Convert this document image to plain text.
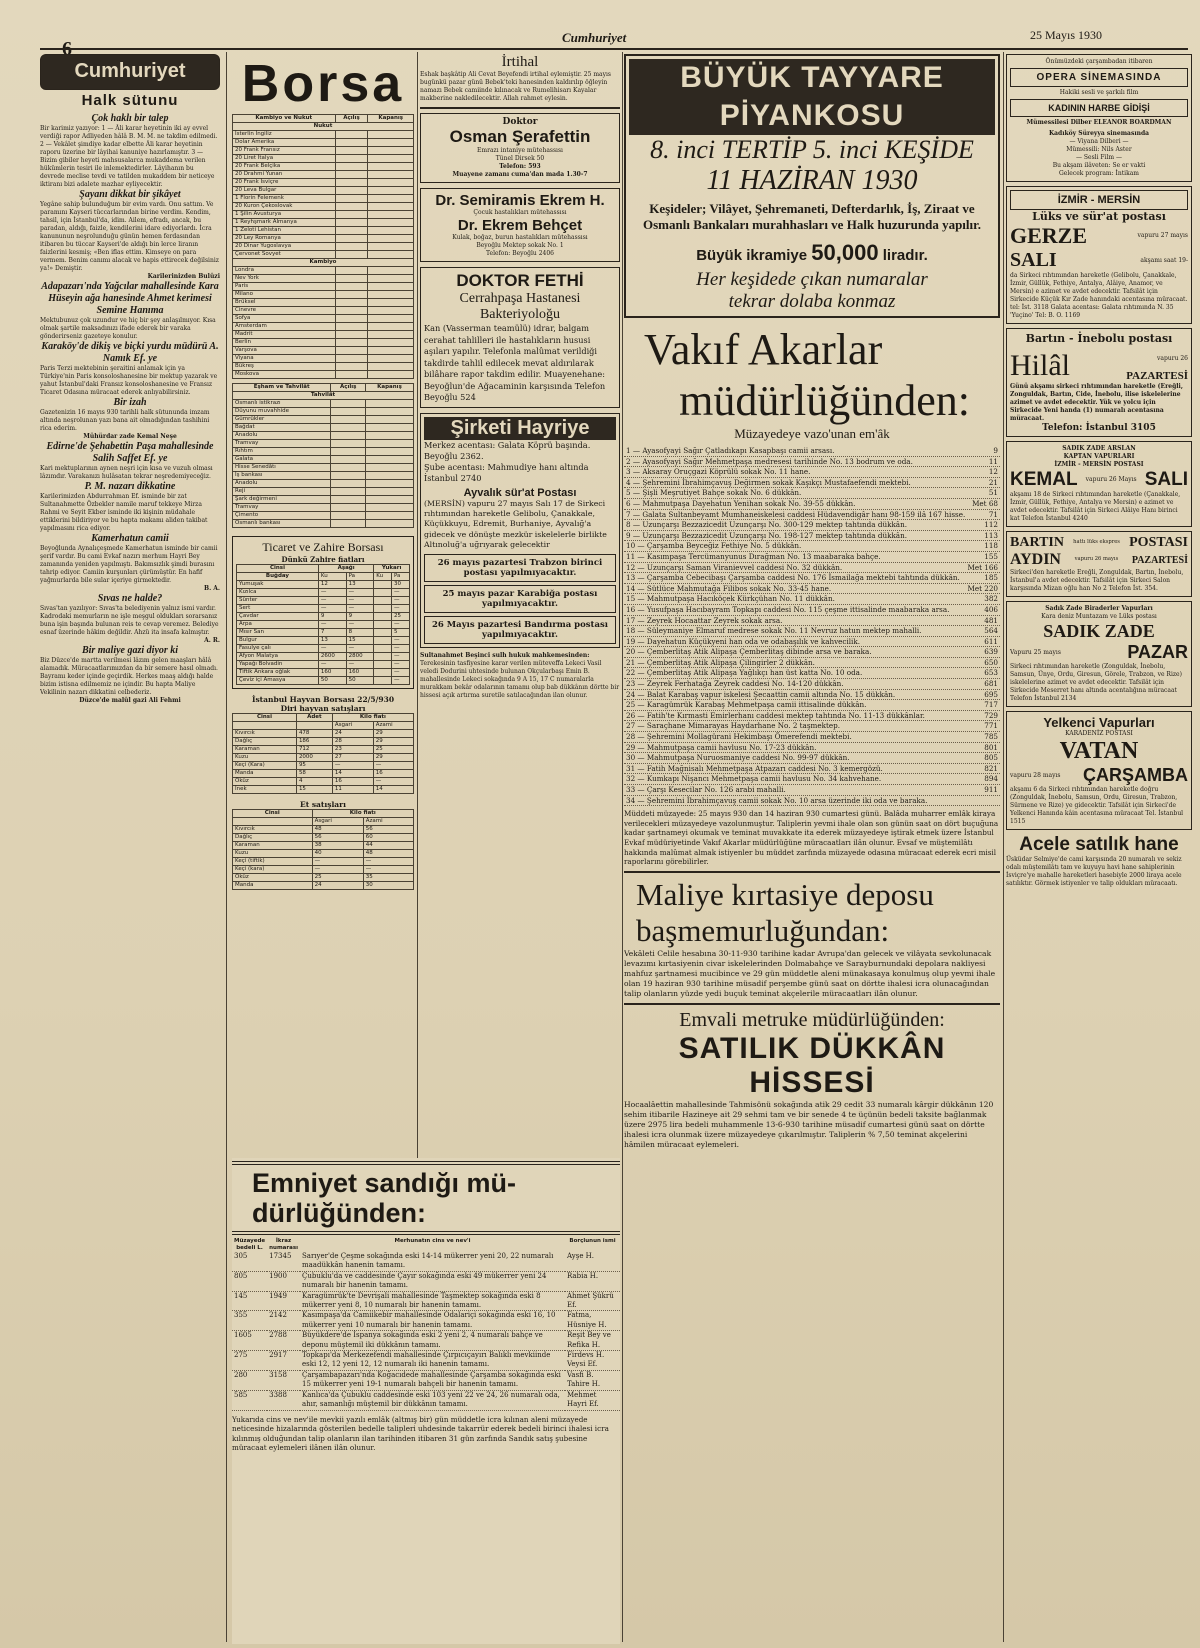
Cumhuriyet	25 Mayıs 1930
Cumhuriyet
Halk sütunu
Çok haklı bir talep

Bir karimiz yazıyor: 1 — Âli karar heyetinin iki ay evvel verdiği rapor Adliyeden hâlâ B. M. M. ne takdim edilmedi. 2 — Vekâlet şimdiye kadar elbette Âli karar heyetinin raporu üzerine bir lâyihai kanuniye hazırlamıştır. 3 — Bizim gibiler heyeti mahsusalarca mukaddema verilen hükümlerin tesiri ile inlemektedirler. Lâyihanın bu devrede meclise tevdi ve tatilden mukaddem bir neticeye iktiranı bizi adalete mazhar eyliyecektir.

Şayanı dikkat bir şikâyet

Yegâne sahip bulunduğum bir evim vardı. Onu sattım. Ve paramını Kayseri tüccarlarından birine verdim. Kendim, tahsil, için İstanbul'da, idim. Ailem, efradı, ancak, bu paradan, aldığı, faizle, kendilerini idare ediyorlardı. İcra kanununun neşrolunduğu günün hemen ferdasından itibaren bu tüccar Kayseri'de aldığı bin lerce liranın faizlerini kesmiş; «Ben iflas ettim. Kimseye on para vermem. Benim canımı alacak ve hapis ettirecek değilsiniz ya!» Demiştir.

Karilerinizden Bulûzi

Adapazarı'nda Yağcılar mahallesinde Kara Hüseyin ağa hanesinde Ahmet kerimesi Semine Hanıma

Mektubunuz çok uzundur ve hiç bir şey anlaşılmıyor. Kısa olmak şartile maksadınızı ifade ederek bir varaka gönderirseniz gazeteye konulur.

Karaköy'de dikiş ve biçki yurdu müdürü A. Namık Ef. ye

Paris Terzi mektebinin şeraitini anlamak için ya Türkiye'nin Paris konsoloshanesine bir mektup yazarak ve yahut İstanbul'daki Fransız konsoloshanesine ve Fransız Ticaret Odasına müracaat ederek anlıyabilirsiniz.

Bir izah

Gazetenizin 16 mayıs 930 tarihli halk sütununda imzam altında neşrolunan yazı bana ait olmadığından tashihini rica ederim.

Mühürdar zade Kemal Neşe

Edirne'de Şehabettin Paşa mahallesinde Salih Saffet Ef. ye

Kari mektuplarının aynen neşri için kısa ve vuzuh olması lâzımdır. Varakanızı hulâsatan tekrar neşredemiyeceğiz.

P. M. nazarı dikkatine

Karilerimizden Abdurrahman Ef. isminde bir zat Sultanahmette Özbekler namile maruf tekkeye Mirza Rahmi ve Seyit Ekber isminde iki kişinin müdahale ettiklerini bildiriyor ve bu hapta makamı aliden takibat yapılmasını rica ediyor.

Kamerhatun camii

Beyoğlunda Aynalıçeşmede Kamerhatun isminde bir camii şerif vardır. Bu cami Evkaf nazırı merhum Hayri Bey zamanında yeniden yapılmıştı. Bakımsızlık şimdi burasını tahrip ediyor. Camiin kurşunları çürümüştür. En hafif yağmurlarda bile sular içeriye girmektedir.

B. A.

Sıvas ne halde?

Sıvas'tan yazılıyor: Sıvas'ta belediyenin yalnız ismi vardır. Kadrodaki memurların ne işle meşgul oldukları sorarsanız buna işin başında bulunan reis te cevap veremez. Belediye esnaf üzerinde hâkim değildir. Ahzü ita insafa kalmıştır.

A. R.

Bir maliye gazi diyor ki

Biz Düzce'de martta verilmesi lâzım gelen maaşları hâlâ alamadık. Müracaatlarımızdan da bir semere hasıl olmadı. Bayramı keder içinde geçirdik. Herkes maaş aldığı halde bizim istisna edilmemiz ne içindir. Bu hapta Maliye Vekilinin nazarı dikkatini celbederiz.

Düzce'de malûl gazi Ali Fehmi

Borsa
Kambiyo ve Nukut	Açılış	Kapanış
Nukut		
İsterlin İngiliz		
Dolar Amerika		
20 Frank Fransız		
20 Liret İtalya		
20 Frank Belçika		
20 Drahmi Yunan		
20 Frank İsviçre		
20 Leva Bulgar		
1 Florin Felemenk		
20 Kuron Çekoslovak		
1 Şilin Avusturya		
1 Reyhşmark Almanya		
1 Zeloti Lehistan		
20 Ley Romanya		
20 Dinar Yugoslavya		
Çervonet Sovyet		
Kambiyo		
Londra		
Nev York		
Paris		
Milano		
Brüksel		
Cinevre		
Sofya		
Amsterdam		
Madrit		
Berlin		
Varşova		
Viyana		
Bükreş		
Moskova		
Eşham ve Tahvilât	Açılış	Kapanış
Tahvilât		
Osmanlı istikrazı		
Düyunu muvahhide		
Gümrükler		
Bağdat		
Anadolu		
Tramvay		
Rıhtım		
Galata		
Hisse Senedâtı		
İş bankası		
Anadolu		
Reji		
Şark değirmeni		
Tramvay		
Çimento		
Osmanlı bankası		
Ticaret ve Zahire Borsası
Dünkü Zahire fiatları
Cinsi	Aşağı		Yukarı	
Buğday	Ku	Pa	Ku	Pa
Yumuşak	12	13		30
Kızılca	—	—		—
Sünter	—	—		—
Sert	—	—		—
Çavdar	9	9		25
Arpa	—	—		—
Mısır San	7	8		5
Bulgur	13	15		—
Fasulye çalı	—	—		—
Afyon Malatya	2600	2800		—
Yapağı Bolvadin	—	—		—
Tiftik Ankara oğlak	160	160		—
Çeviz içi Amasya	50	50		—
İstanbul Hayvan Borsası 22/5/930
Diri hayvan satışları
Cinsi	Adet	Kilo fiatı	
		Asgari	Azami
Kıvırcık	478	24	29
Dağlıç	186	28	29
Karaman	712	23	25
Kuzu	2000	27	29
Keçi (Kara)	95	—	—
Manda	58	14	16
Öküz	4	16	—
İnek	15	11	14
Et satışları
Cinsi	Kilo fiatı	
	Asgari	Azami
Kıvırcık	48	56
Dağlıç	56	60
Karaman	38	44
Kuzu	40	48
Keçi (tiftik)	—	—
Keçi (kara)	—	—
Öküz	25	35
Manda	24	30
İrtihal

Eshak başkâtip Ali Cevat Beyefendi irtihal eylemiştir. 25 mayıs bugünkü pazar günü Bebek'teki hanesinden kaldırılıp öğleyin namazı Bebek camiinde kılınacak ve Rumelihisarı Kayalar makberine nakledilecektir. Allah rahmet eylesin.

Doktor
Osman Şerafettin
Emrazı intaniye mütehassısı
Tünel Dirsek 50
Telefon: 593
Muayene zamanı cuma'dan mada 1.30-7
Dr. Semiramis Ekrem H.
Çocuk hastalıkları mütehassısı
Dr. Ekrem Behçet
Kulak, boğaz, burun hastalıkları mütehassısı
Beyoğlu Mektep sokak No. 1
Telefon: Beyoğlu 2406
DOKTOR FETHİ
Cerrahpaşa Hastanesi
Bakteriyoloğu

Kan (Vasserman teamülü) idrar, balgam cerahat tahlilleri ile hastalıkların hususi aşıları yapılır. Telefonla malûmat verildiği takdirde tahlil edilecek mevat aldırılarak bilâhare rapor takdim edilir. Muayenehane: Beyoğlun'de Ağacaminin karşısında Telefon Beyoğlu 524

Şirketi Hayriye

Merkez acentası: Galata Köprü başında. Beyoğlu 2362.

Şube acentası: Mahmudiye hanı altında İstanbul 2740

Ayvalık sür'at Postası

(MERSİN) vapuru 27 mayıs Salı 17 de Sirkeci rıhtımından hareketle Gelibolu, Çanakkale, Küçükkuyu, Edremit, Burhaniye, Ayvalığ'a gidecek ve dönüşte mezkür iskelelerle birlikte Altınoluğ'a uğrıyarak gelecektir

26 mayıs pazartesi Trabzon birinci postası yapılmıyacaktır.
25 mayıs pazar Karabiğa postası yapılmıyacaktır.
26 Mayıs pazartesi Bandırma postası yapılmıyacaktır.
Sultanahmet Beşinci sulh hukuk mahkemesinden:

Terekesinin tasfiyesine karar verilen müteveffa Lekeci Vasil veledi Dodurini uhtesinde bulunan Okçularbaşı Emin B. mahallesinde Lekeci sokağında 9 A 15, 17 C numaralarla murakkam bekâr odalarının tamamı olup bab dükkânın dörtte bir hissesi açık artırma suretile satılacağından ilan olunur.

BÜYÜK TAYYARE PİYANKOSU
8. inci TERTİP 5. inci KEŞİDE
11 HAZİRAN 1930

Keşideler; Vilâyet, Şehremaneti, Defterdarlık, İş, Ziraat ve Osmanlı Bankaları murahhasları ve Halk huzurunda yapılır.

Büyük ikramiye 50,000 liradır.
Her keşidede çıkan numaralar
tekrar dolaba konmaz
Vakıf Akarlar
müdürlüğünden:
Müzayedeye vazo'unan em'âk
1 — Ayasofyayi Sağır Çatladıkapı Kasapbaşı camii arsası.	9
2 — Ayasofyayi Sağır Mehmetpaşa medresesi tarihinde No. 13 bodrum ve oda.	11
3 — Aksaray Oruçgazi Köprülü sokak No. 11 hane.	12
4 — Şehremini İbrahimçavuş Değirmen sokak Kaşıkçı Mustafaefendi mektebi.	21
5 — Şişli Meşrutiyet Bahçe sokak No. 6 dükkân.	51
6 — Mahmutpaşa Dayehatun Yenihan sokak No. 39-55 dükkân.	Met 68
7 — Galata Sultanbeyamt Mumhaneiskelesi caddesi Hüdavendigâr hanı 98-159 ilâ 167 hisse.	71
8 — Uzunçarşı Bezzazicedit Uzunçarşı No. 300-129 mektep tahtında dükkân.	112
9 — Uzunçarşı Bezzazicedit Uzunçarşı No. 198-127 mektep tahtında dükkân.	113
10 — Çarşamba Beyceğiz Fethiye No. 5 dükkân.	118
11 — Kasımpaşa Tercümanyunus Dırağman No. 13 maabaraka bahçe.	155
12 — Uzunçarşı Saman Viranievvel caddesi No. 32 dükkân.	Met 166
13 — Çarşamba Cebecibaşı Çarşamba caddesi No. 176 İsmailağa mektebi tahtında dükkân.	185
14 — Sütlüce Mahmutağa Filibos sokak No. 33-45 hane.	Met 220
15 — Mahmutpaşa Hacıköçek Kürkçühan No. 11 dükkân.	382
16 — Yusufpaşa Hacıbayram Topkapı caddesi No. 115 çeşme ittisalinde maabaraka arsa.	406
17 — Zeyrek Hocaattar Zeyrek sokak arsa.	481
18 — Süleymaniye Elmaruf medrese sokak No. 11 Nevruz hatun mektep mahalli.	564
19 — Dayehatun Küçükyeni han oda ve odabaşılık ve kahvecilik.	611
20 — Çemberlitaş Atik Alipaşa Çemberlitaş dibinde arsa ve baraka.	639
21 — Çemberlitaş Atik Alipaşa Çilingirler 2 dükkân.	650
22 — Çemberlitaş Atik Alipaşa Yağlıkçı han üst katta No. 10 oda.	653
23 — Zeyrek Ferhatağa Zeyrek caddesi No. 14-120 dükkân.	681
24 — Balat Karabaş vapur iskelesi Şecaattin camii altında No. 15 dükkân.	695
25 — Karagümrük Karabaş Mehmetpaşa camii ittisalinde dükkân.	717
26 — Fatih'te Kırmasti Emirlerhanı caddesi mektep tahtında No. 11-13 dükkânlar.	729
27 — Saraçhane Mimarayas Haydarhane No. 2 taşmektep.	771
28 — Şehremini Mollagürani Hekimbaşı Ömerefendi mektebi.	785
29 — Mahmutpaşa camii havlusu No. 17-23 dükkân.	801
30 — Mahmutpaşa Nuruosmaniye caddesi No. 99-97 dükkân.	805
31 — Fatih Mağnisalı Mehmetpaşa Atpazarı caddesi No. 3 kemergözü.	821
32 — Kumkapı Nişancı Mehmetpaşa camii havlusu No. 34 kahvehane.	894
33 — Çarşı Kesecilar No. 126 arabi mahalli.	911
34 — Şehremini İbrahimçavuş camii sokak No. 10 arsa üzerinde iki oda ve baraka.

Müddeti müzayede: 25 mayıs 930 dan 14 haziran 930 cumartesi günü. Balâda muharrer emlâk kiraya verilecekleri müzayedeye vazolunmuştur. Taliplerin yevmi ihale olan son günün saat on dört buçuğuna kadar şartnameyi okumak ve teminat muvakkate ita ederek müzayedeye iştirak etmek üzere İstanbul Evkaf müdüriyetinde Vakıf Akarlar müdürlüğüne müracaatları ilân olunur. Evsaf ve müştemilâtı hakkında malûmat almak istiyenler bu müddet zarfında müzayede odasına müracaat ederek ecri misil raporlarını görebilirler.

Maliye kırtasiye deposu
başmemurluğundan:

Vekâleti Celile hesabına 30-11-930 tarihine kadar Avrupa'dan gelecek ve vilâyata sevkolunacak levazımı kırtasiyenin civar iskelelerinden Dolmabahçe ve Sarayburnundaki depolara nakliyesi mahfuz şartnamesi mucibince ve 29 gün müddetle aleni münakasaya konulmuş olup yevmi ihale olan 19 haziran 930 tarihine müsadif perşembe günü saat on dörtte ihalesi icra olunacağından talip olanların yüzde yedi buçuk teminat akçelerile müracaatları ilân olunur.

Emvali metruke müdürlüğünden:
SATILIK DÜKKÂN HİSSESİ

Hocaalâettin mahallesinde Tahmisönü sokağında atik 29 cedit 33 numaralı kârgir dükkânın 120 sehim itibarile Hazineye ait 29 sehmi tam ve bir senede 4 te üçünün bedeli taksite bağlanmak üzere 2975 lira bedeli muhammenle 13-6-930 tarihine müsadif cumartesi günü saat on dörtte ihalesi icra olunmak üzere müzayedeye çıkarılmıştır. Taliplerin % 7,50 teminat akçelerini hâmilen müracaat eylemeleri.

Emniyet sandığı mü-
dürlüğünden:
Müzayede bedeli L.	İkraz numarası	Merhunatın cins ve nev'i	Borçlunun ismi
305	17345	Sarıyer'de Çeşme sokağında eski 14-14 mükerrer yeni 20, 22 numaralı maadükkân hanenin tamamı.	Ayşe H.
805	1900	Çubuklu'da ve caddesinde Çayır sokağında eski 49 mükerrer yeni 24 numaralı bir hanenin tamamı.	Rabia H.
145	1949	Karagümrük'te Devrişali mahallesinde Taşmektep sokağında eski 8 mükerrer yeni 8, 10 numaralı bir hanenin tamamı.	Ahmet Şükrü Ef.
355	2142	Kasımpaşa'da Camiikebir mahallesinde Odalariçi sokağında eski 16, 10 mükerrer yeni 10 numaralı bir hanenin tamamı.	Fatma, Hüsniye H.
1605	2788	Büyükdere'de İspanya sokağında eski 2 yeni 2, 4 numaralı bahçe ve deponu müştemil iki dükkânın tamamı.	Reşit Bey ve Refika H.
275	2917	Topkapı'da Merkezefendi mahallesinde Çırpıcıçayırı Balıklı mevkiinde eski 12, 12 yeni 12, 12 numaralı iki hanenin tamamı.	Firdevs H. Veysi Ef.
280	3158	Çarşambapazarı'nda Koğacıdede mahallesinde Çarşamba sokağında eski 15 mükerrer yeni 19-1 numaralı bahçeli bir hanenin tamamı.	Vasfi B. Tahire H.
585	3388	Kanlıca'da Çubuklu caddesinde eski 103 yeni 22 ve 24, 26 numaralı oda, ahır, samanlığı müştemil bir dükkânın tamamı.	Mehmet Hayri Ef.

Yukarıda cins ve nev'ile mevkii yazılı emlâk (altmış bir) gün müddetle icra kılınan aleni müzayede neticesinde hizalarında gösterilen bedelle talipleri uhdesinde takarrür ederek bedeli birinci ihalesi icra kılınmış olduğundan talip olanların ilan tarihinden itibaren 31 gün zarfında Sandık satış şubesine müracaat eylemeleri ilânen ilân olunur.

Önümüzdeki çarşambadan itibaren
OPERA SİNEMASINDA
Hakiki sesli ve şarkılı film
KADININ HARBE GİDİŞİ
Mümessilesi Dilber ELEANOR BOARDMAN
Kadıköy Süreyya sinemasında
— Viyana Dilberi —
Mümessili: Nils Aster
— Sesli Film —
Bu akşam ilâveten: Se er vakti
Gelecek program: İntikam
İZMİR - MERSİN
Lüks ve sür'at postası
GERZE	vapuru 27 mayıs
SALI	akşamı saat 19-

da Sirkeci rıhtımından hareketle (Gelibolu, Çanakkale, İzmir, Güllük, Fethiye, Antalya, Alâiye, Anamor, ve Mersin) e azimet ve avdet edecektir. Tafsilât için Sirkecide Küçük Kır Zade hanındaki acentasına müracaat. tel: İst. 3118 Galata acentası: Galata rıhtımında N. 35 'Yuçino' Tel: B. O. 1169

Bartın - İnebolu postası
Hilâl	vapuru 26
PAZARTESİ

Günü akşamı sirkeci rıhtımından hareketle (Ereğli, Zonguldak, Bartın, Cide, İnebolu, ilise iskelelerine azimet ve avdet edecektir. Yük ve yolcu için Sirkecide Yeni handa (1) numaralı acentasına müracaat.

Telefon: İstanbul 3105
SADIK ZADE ARSLAN
KAPTAN VAPURLARI
İZMİR - MERSİN POSTASI
KEMAL vapuru 26 Mayıs SALI

akşamı 18 de Sirkeci rıhtımından hareketle (Çanakkale, İzmir, Güllük, Fethiye, Antalya ve Mersin) e azimet ve avdet edecektir. Tafsilât için Sirkeci Alâiye Hanı birinci kat Telefon İstanbul 4240

BARTIN hattı lüks ekspres POSTASI
AYDIN	vapuru 26 mayıs PAZARTESİ

Sirkeci'den hareketle Ereğli, Zonguldak, Bartın, İnebolu, İstanbul'a avdet edecektir. Tafsilât için Sirkeci Salon karşısında Mizan oğlu han No 2 Telefon İst. 354.

Sadık Zade Biraderler Vapurları
Kara deniz Muntazam ve Lüks postası
SADIK ZADE
Vapuru 25 mayıs	PAZAR

Sirkeci rıhtımından hareketle (Zonguldak, İnebolu, Samsun, Ünye, Ordu, Giresun, Görele, Trabzon, ve Rize) iskelelerine azimet ve avdet edecektir. Tafsilât için Sirkecide Meserret hanı altında acentalığına müracaat Telefon İstanbul 2134

Yelkenci Vapurları
KARADENİZ POSTASI
VATAN
vapuru 28 mayıs ÇARŞAMBA

akşamı 6 da Sirkeci rıhtımından hareketle doğru (Zonguldak, İnebolu, Samsun, Ordu, Giresun, Trabzon, Sürmene ve Rize) ye gidecektir. Tafsilât için Sirkeci'de Yelkenci Hanında kâin acentasına müracaat Tel. İstanbul 1515

Acele satılık hane

Üsküdar Selmiye'de cami karşısında 20 numaralı ve sekiz odalı müştemilâtı tam ve kuyuyu havi hane sahiplerinin İsviçre'ye mahalle hareketleri hasebiyle 2000 liraya acele satılıktır. Görmek istiyenler ve talip oldukları müracaatı.
